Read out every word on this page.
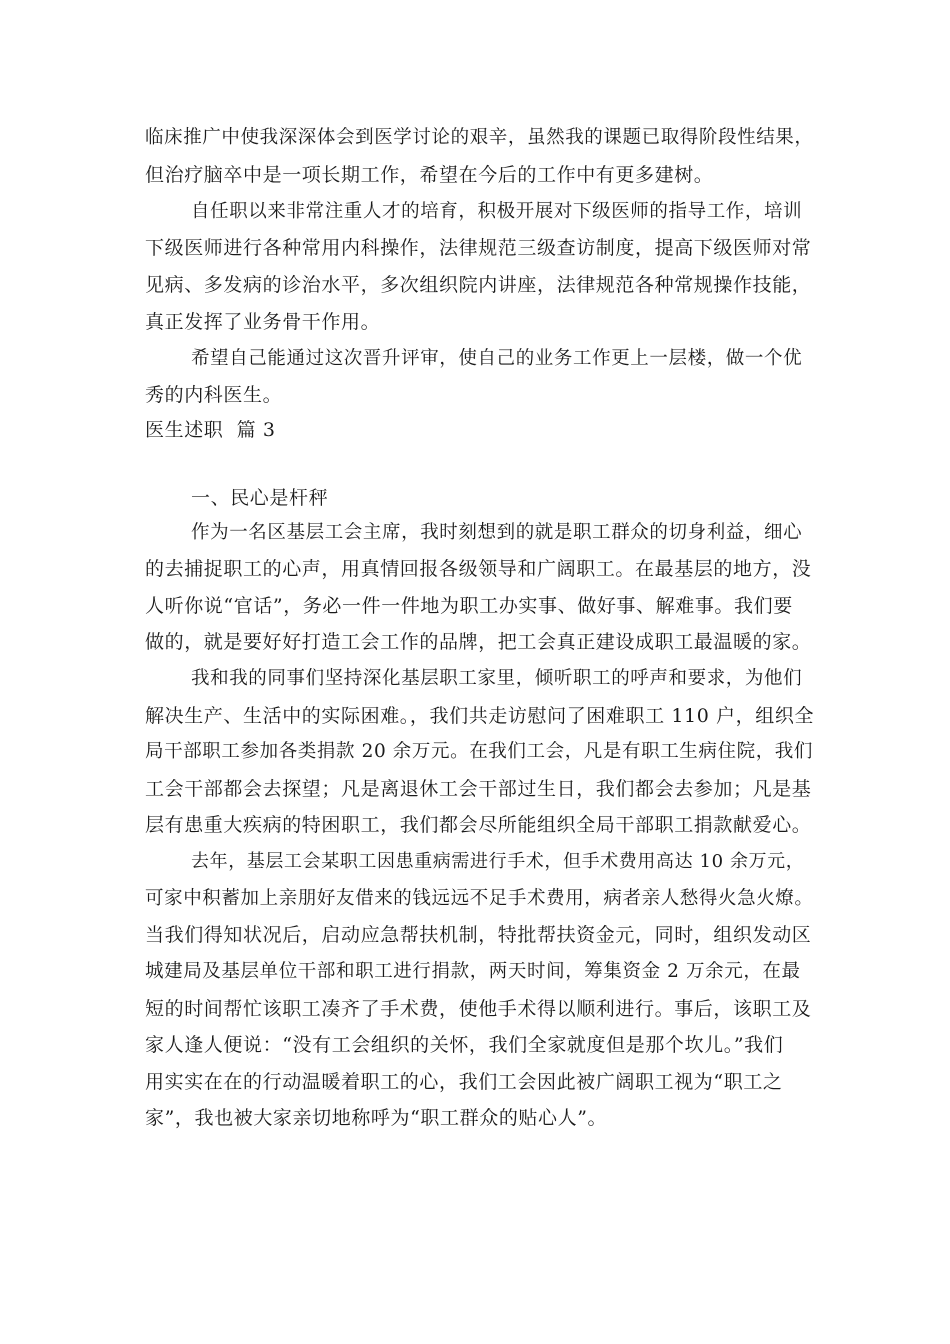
临床推广中使我深深体会到医学讨论的艰辛，虽然我的课题已取得阶段性结果，
但治疗脑卒中是一项长期工作，希望在今后的工作中有更多建树。
自任职以来非常注重人才的培育，积极开展对下级医师的指导工作，培训
下级医师进行各种常用内科操作，法律规范三级查访制度，提高下级医师对常
见病、多发病的诊治水平，多次组织院内讲座，法律规范各种常规操作技能，
真正发挥了业务骨干作用。
希望自己能通过这次晋升评审，使自己的业务工作更上一层楼，做一个优
秀的内科医生。
医生述职  篇 3
一、民心是杆秤
作为一名区基层工会主席，我时刻想到的就是职工群众的切身利益，细心
的去捕捉职工的心声，用真情回报各级领导和广阔职工。在最基层的地方，没
人听你说“官话”，务必一件一件地为职工办实事、做好事、解难事。我们要
做的，就是要好好打造工会工作的品牌，把工会真正建设成职工最温暖的家。
我和我的同事们坚持深化基层职工家里，倾听职工的呼声和要求，为他们
解决生产、生活中的实际困难。，我们共走访慰问了困难职工 110 户，组织全
局干部职工参加各类捐款 20 余万元。在我们工会，凡是有职工生病住院，我们
工会干部都会去探望；凡是离退休工会干部过生日，我们都会去参加；凡是基
层有患重大疾病的特困职工，我们都会尽所能组织全局干部职工捐款献爱心。
去年，基层工会某职工因患重病需进行手术，但手术费用高达 10 余万元，
可家中积蓄加上亲朋好友借来的钱远远不足手术费用，病者亲人愁得火急火燎。
当我们得知状况后，启动应急帮扶机制，特批帮扶资金元，同时，组织发动区
城建局及基层单位干部和职工进行捐款，两天时间，筹集资金 2 万余元，在最
短的时间帮忙该职工凑齐了手术费，使他手术得以顺利进行。事后，该职工及
家人逢人便说：“没有工会组织的关怀，我们全家就度但是那个坎儿。”我们
用实实在在的行动温暖着职工的心，我们工会因此被广阔职工视为“职工之
家”，我也被大家亲切地称呼为“职工群众的贴心人”。
